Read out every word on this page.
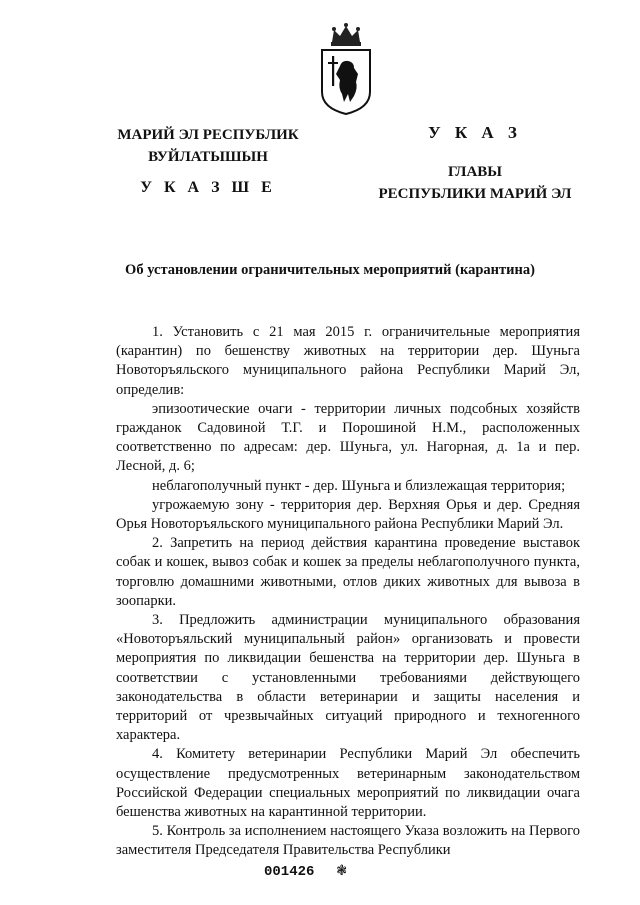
МАРИЙ ЭЛ РЕСПУБЛИК
ВУЙЛАТЫШЫН
У К А З Ш Е
У К А З
ГЛАВЫ
РЕСПУБЛИКИ МАРИЙ ЭЛ
Об установлении ограничительных мероприятий (карантина)

1. Установить с 21 мая 2015 г. ограничительные мероприятия (карантин) по бешенству животных на территории дер. Шуньга Новоторъяльского муниципального района Республики Марий Эл, определив:

эпизоотические очаги - территории личных подсобных хозяйств гражданок Садовиной Т.Г. и Порошиной Н.М., расположенных соответственно по адресам: дер. Шуньга, ул. Нагорная, д. 1а и пер. Лесной, д. 6;

неблагополучный пункт - дер. Шуньга и близлежащая территория;

угрожаемую зону - территория дер. Верхняя Орья и дер. Средняя Орья Новоторъяльского муниципального района Республики Марий Эл.

2. Запретить на период действия карантина проведение выставок собак и кошек, вывоз собак и кошек за пределы неблагополучного пункта, торговлю домашними животными, отлов диких животных для вывоза в зоопарки.

3. Предложить администрации муниципального образования «Новоторъяльский муниципальный район» организовать и провести мероприятия по ликвидации бешенства на территории дер. Шуньга в соответствии с установленными требованиями действующего законодательства в области ветеринарии и защиты населения и территорий от чрезвычайных ситуаций природного и техногенного характера.

4. Комитету ветеринарии Республики Марий Эл обеспечить осуществление предусмотренных ветеринарным законодательством Российской Федерации специальных мероприятий по ликвидации очага бешенства животных на карантинной территории.

5. Контроль за исполнением настоящего Указа возложить на Первого заместителя Председателя Правительства Республики

001426 ❃
